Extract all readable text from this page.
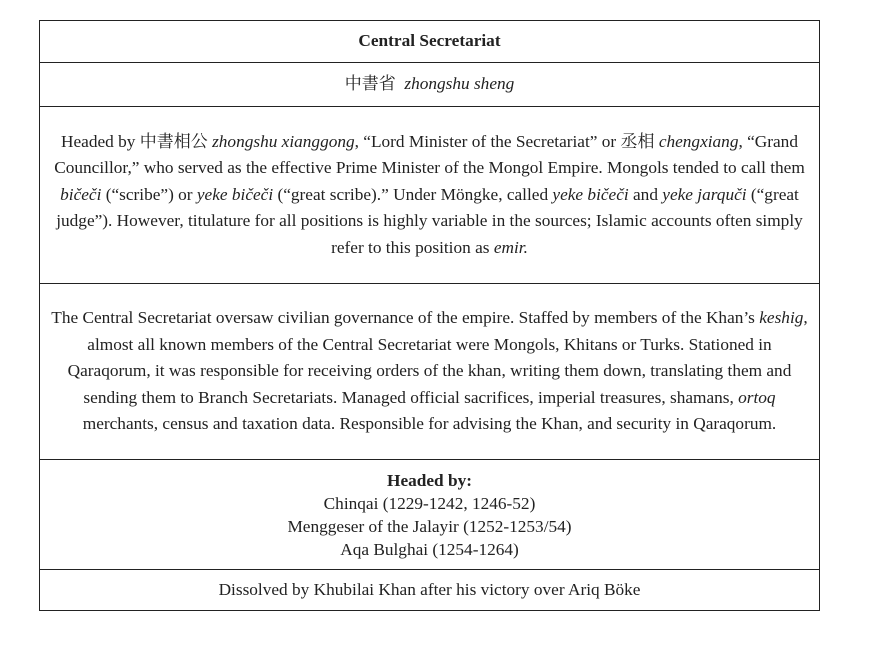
Central Secretariat
中書省 zhongshu sheng
Headed by 中書相公 zhongshu xianggong, “Lord Minister of the Secretariat” or 丞相 chengxiang, “Grand Councillor,” who served as the effective Prime Minister of the Mongol Empire. Mongols tended to call them bičeči (“scribe”) or yeke bičeči (“great scribe).” Under Möngke, called yeke bičeči and yeke jarquči (“great judge”). However, titulature for all positions is highly variable in the sources; Islamic accounts often simply refer to this position as emir.
The Central Secretariat oversaw civilian governance of the empire. Staffed by members of the Khan’s keshig, almost all known members of the Central Secretariat were Mongols, Khitans or Turks. Stationed in Qaraqorum, it was responsible for receiving orders of the khan, writing them down, translating them and sending them to Branch Secretariats. Managed official sacrifices, imperial treasures, shamans, ortoq merchants, census and taxation data. Responsible for advising the Khan, and security in Qaraqorum.
Headed by:
Chinqai (1229-1242, 1246-52)
Menggeser of the Jalayir (1252-1253/54)
Aqa Bulghai (1254-1264)
Dissolved by Khubilai Khan after his victory over Ariq Böke
